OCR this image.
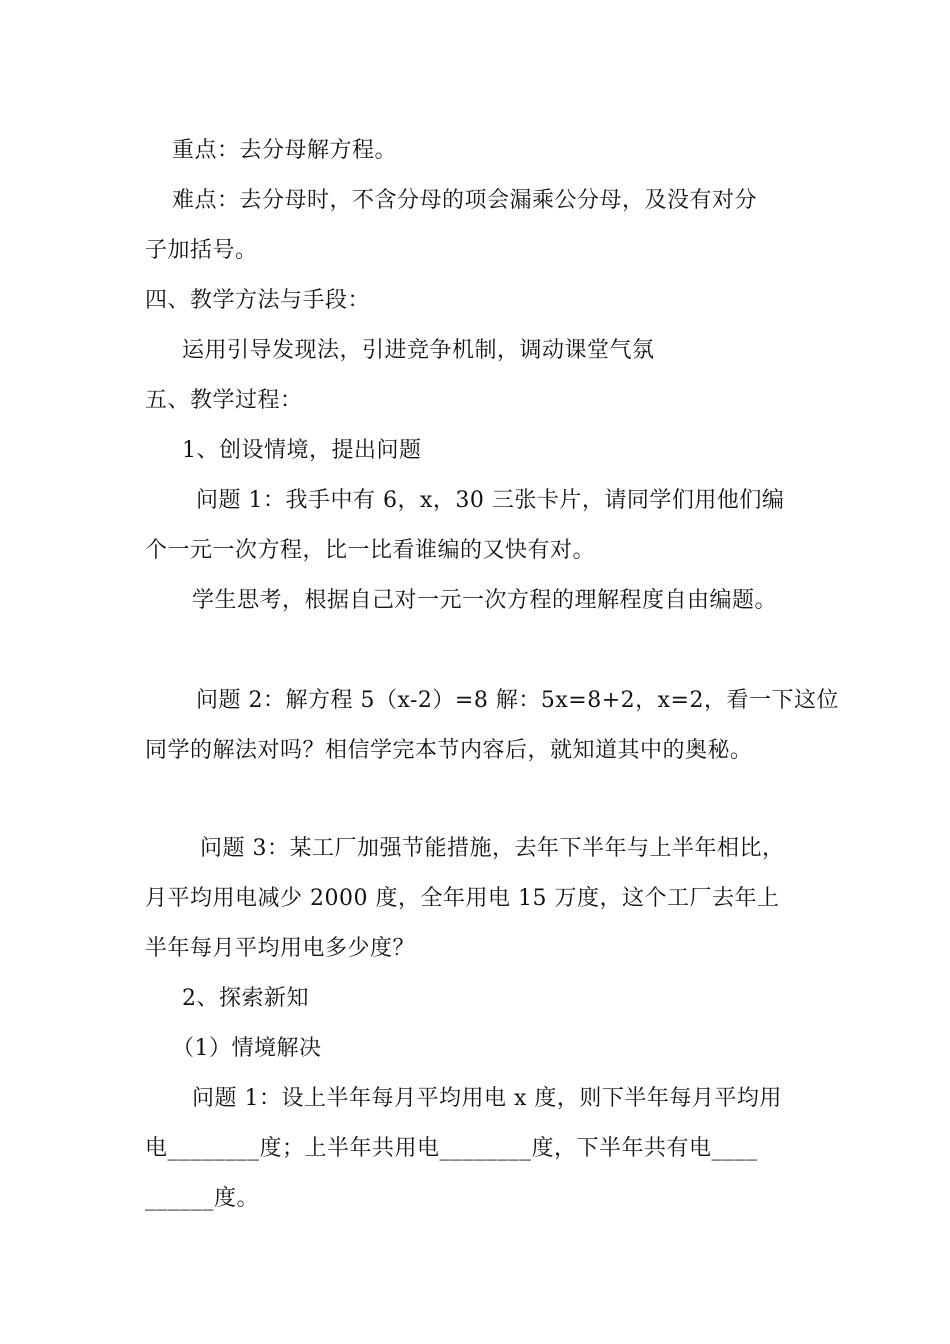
重点：去分母解方程。
难点：去分母时，不含分母的项会漏乘公分母，及没有对分
子加括号。
四、教学方法与手段：
运用引导发现法，引进竞争机制，调动课堂气氛
五、教学过程：
1、创设情境，提出问题
问题 1：我手中有 6，x，30 三张卡片，请同学们用他们编
个一元一次方程，比一比看谁编的又快有对。
学生思考，根据自己对一元一次方程的理解程度自由编题。
问题 2：解方程 5（x-2）=8 解：5x=8+2，x=2，看一下这位
同学的解法对吗？相信学完本节内容后，就知道其中的奥秘。
问题 3：某工厂加强节能措施，去年下半年与上半年相比，
月平均用电减少 2000 度，全年用电 15 万度，这个工厂去年上
半年每月平均用电多少度？
2、探索新知
（1）情境解决
问题 1：设上半年每月平均用电 x 度，则下半年每月平均用
电________度；上半年共用电________度，下半年共有电____
______度。
